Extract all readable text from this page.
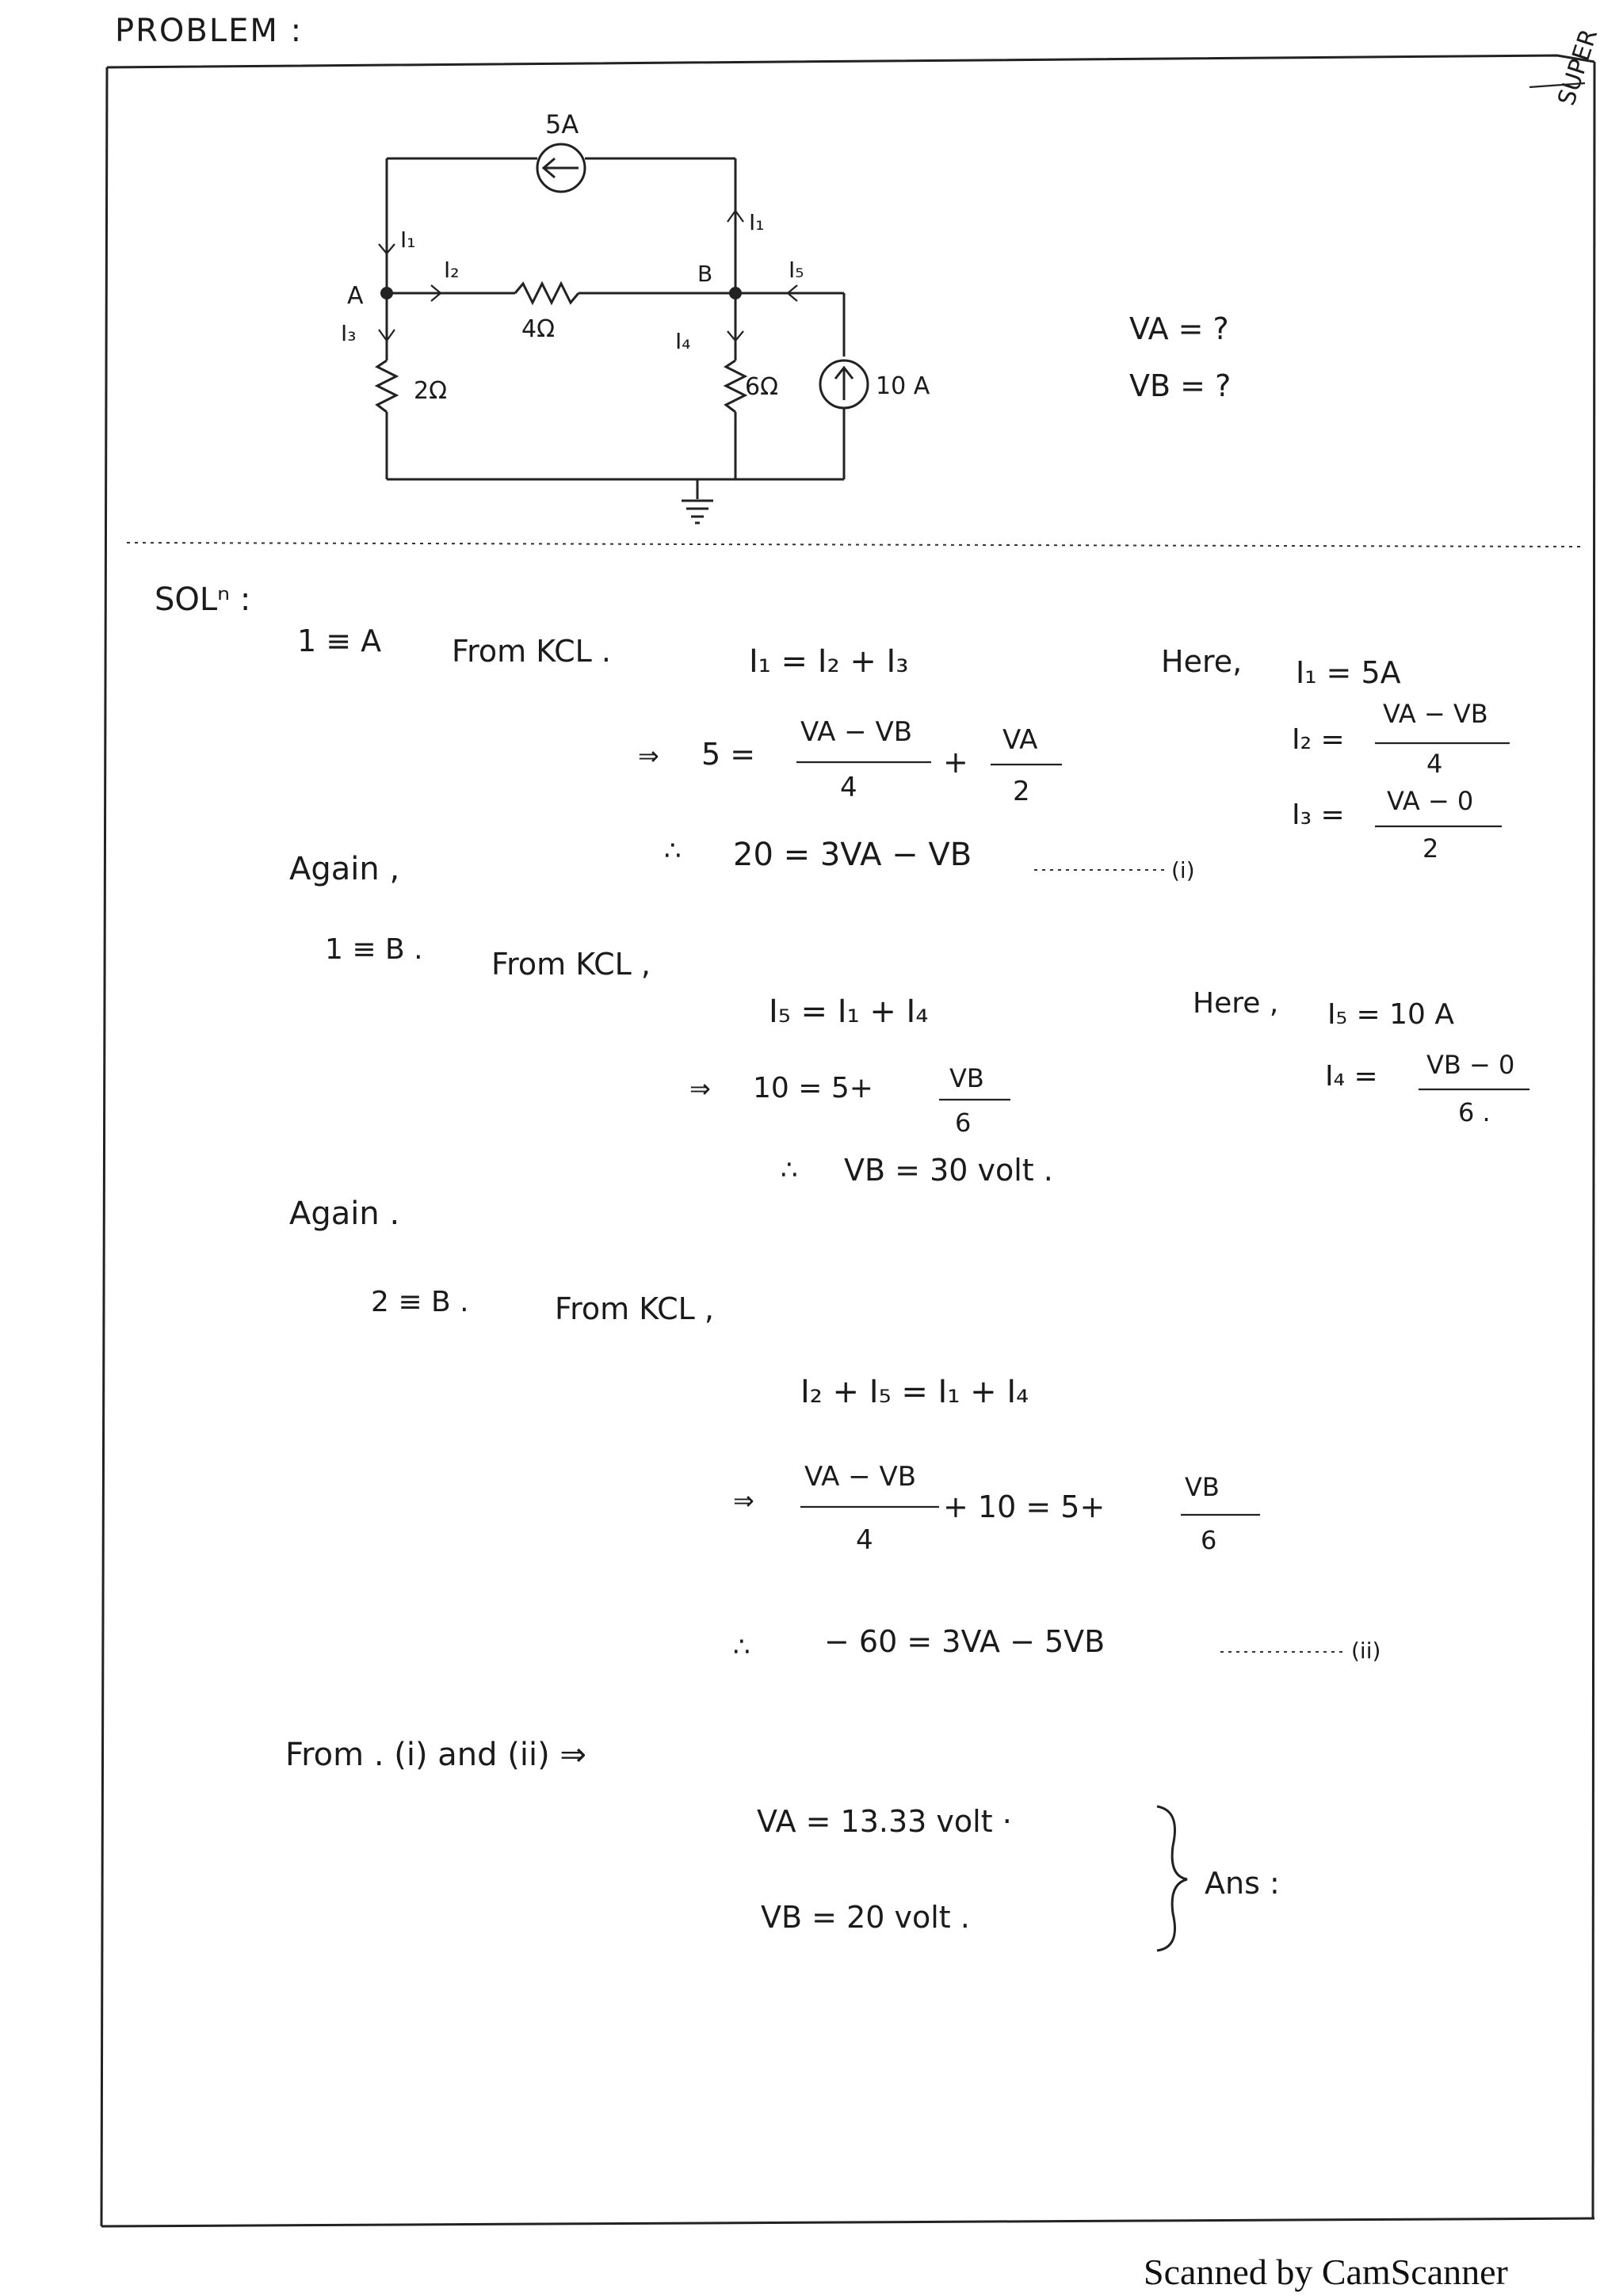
PROBLEM :	SUPER
5A
4Ω
A
B
I₁
I₂
I₃
I₁
I₄
I₅
2Ω	6Ω	10 A
VA = ?
VB = ?
SOLⁿ :
1 ≡ A From KCL .	I₁ = I₂ + I₃
⇒ 5 =
VA − VB
4
+
VA
2
∴ 20 = 3VA − VB	(i)
Here, I₁ = 5A
I₂ =
VA − VB
4
I₃ = VA − 0
2
Again ,
1 ≡ B . From KCL ,
I₅ = I₁ + I₄
⇒ 10 = 5+	VB
6
∴ VB = 30 volt .
Here , I₅ = 10 A
I₄ = VB − 0
6 .
Again .
2 ≡ B .	From KCL ,
I₂ + I₅ = I₁ + I₄
⇒
VA − VB
4
+ 10 = 5+
VB
6
∴ − 60 = 3VA − 5VB	(ii)
From . (i) and (ii) ⇒
VA = 13.33 volt ·
VB = 20 volt .
Ans :
Scanned by CamScanner
